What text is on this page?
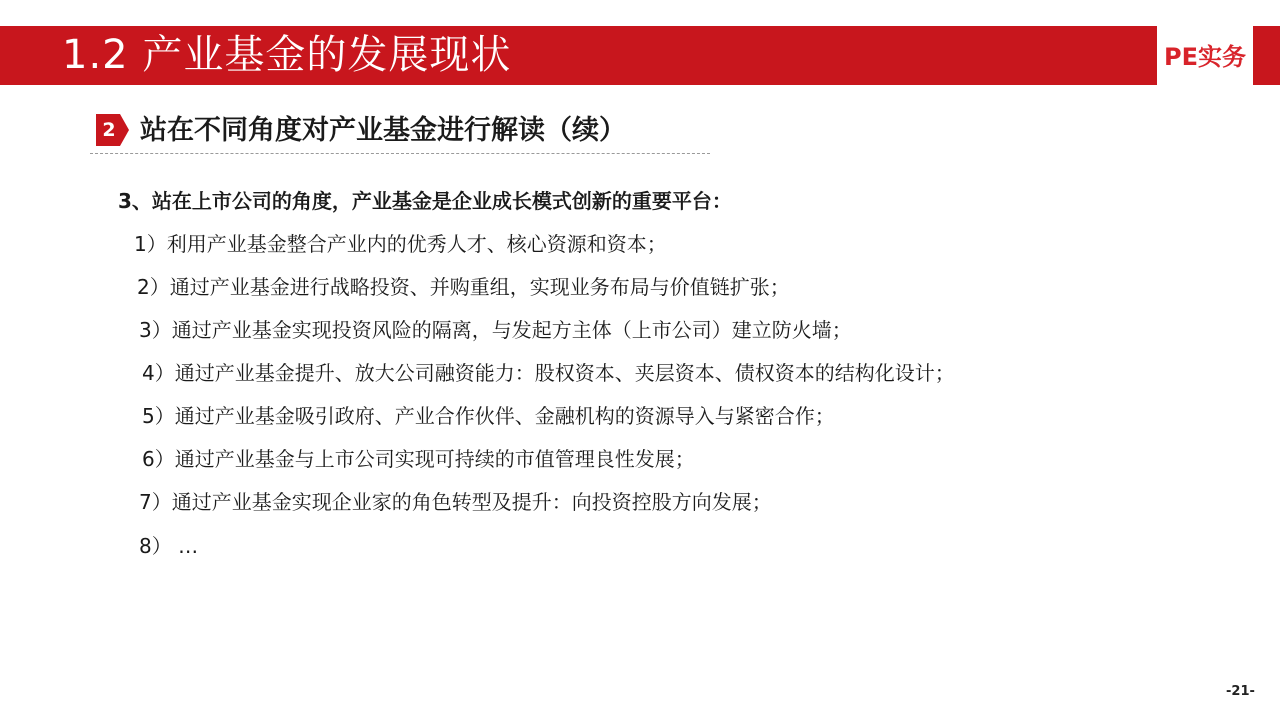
1.2 产业基金的发展现状	PE实务
2 站在不同角度对产业基金进行解读（续）
3、站在上市公司的角度，产业基金是企业成长模式创新的重要平台：
1）利用产业基金整合产业内的优秀人才、核心资源和资本；
2）通过产业基金进行战略投资、并购重组，实现业务布局与价值链扩张；
3）通过产业基金实现投资风险的隔离，与发起方主体（上市公司）建立防火墙；
4）通过产业基金提升、放大公司融资能力：股权资本、夹层资本、债权资本的结构化设计；
5）通过产业基金吸引政府、产业合作伙伴、金融机构的资源导入与紧密合作；
6）通过产业基金与上市公司实现可持续的市值管理良性发展；
7）通过产业基金实现企业家的角色转型及提升：向投资控股方向发展；
8） …
-21-
